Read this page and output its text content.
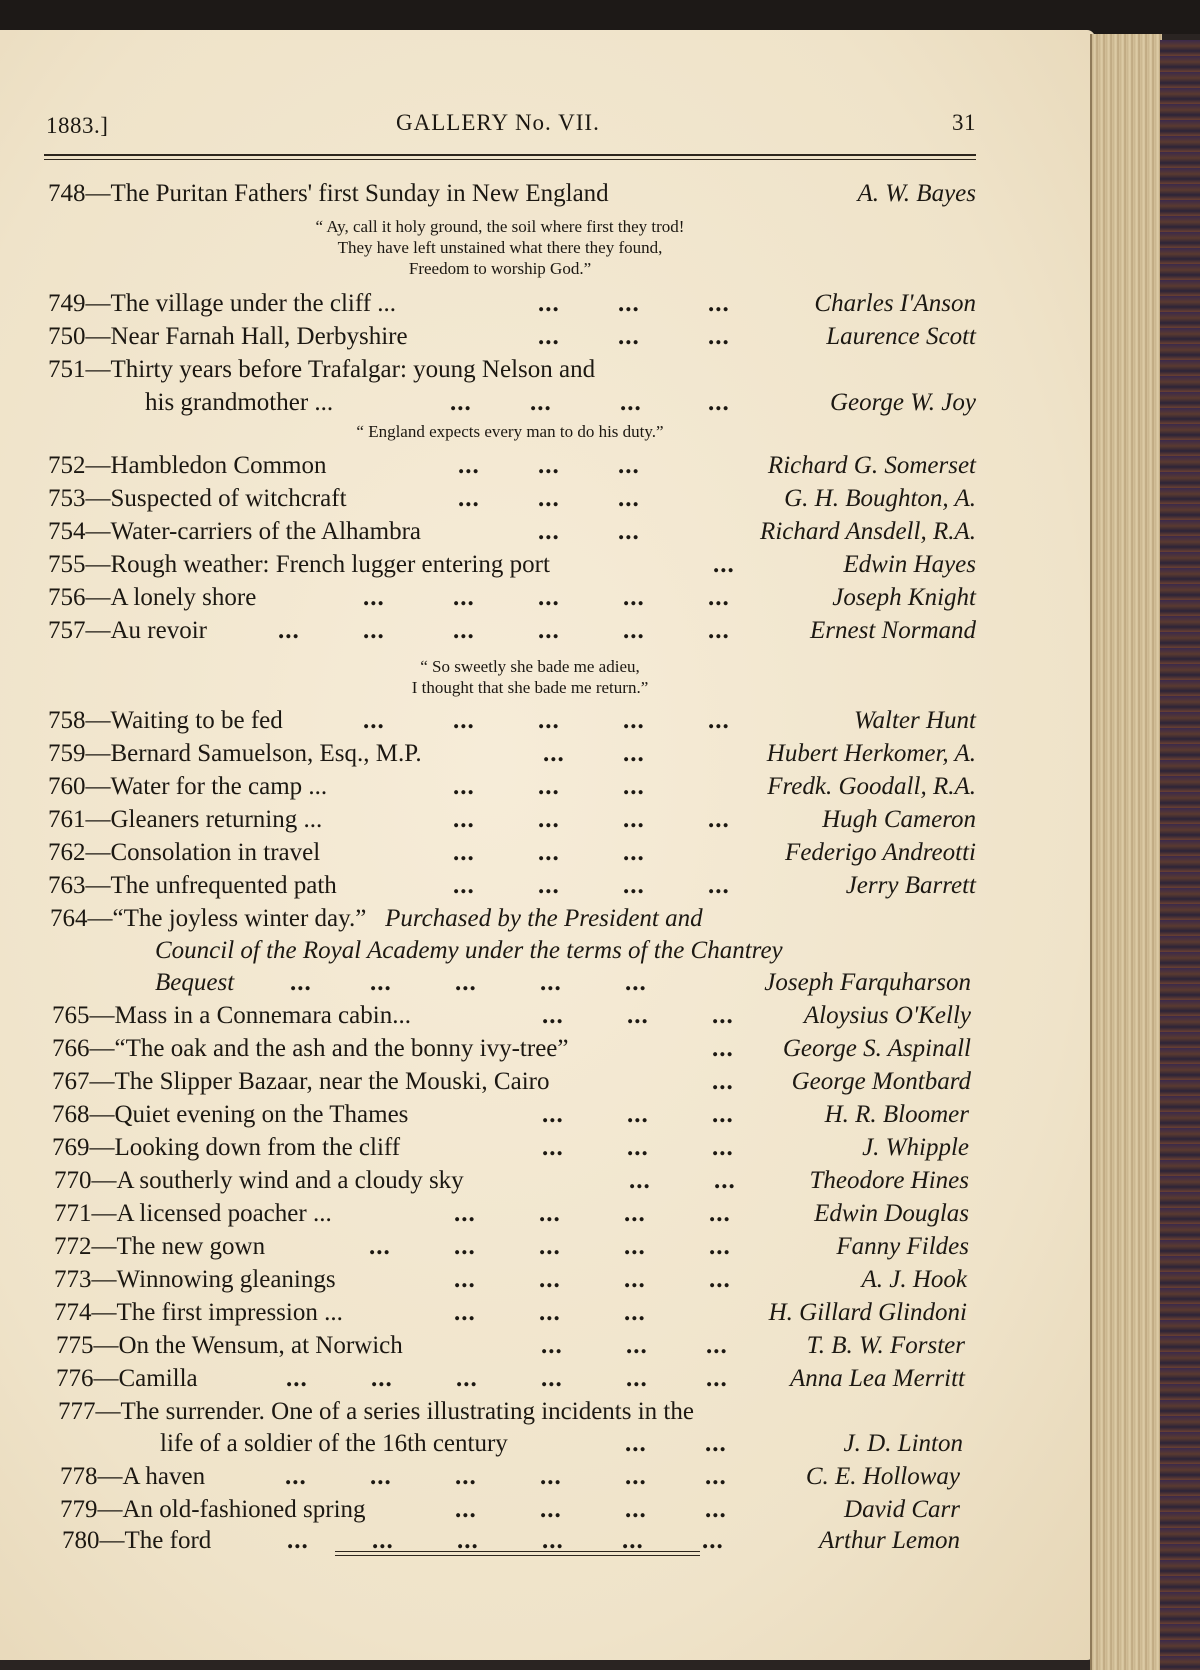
1883.]	GALLERY No. VII.	31
748—The Puritan Fathers' first Sunday in New England	A. W. Bayes
“ Ay, call it holy ground, the soil where first they trod!
They have left unstained what there they found,
Freedom to worship God.”
749—The village under the cliff ...	... ...	...	Charles I'Anson
750—Near Farnah Hall, Derbyshire	... ...	...	Laurence Scott
751—Thirty years before Trafalgar: young Nelson and
his grandmother ...	... ...	...	...	George W. Joy
“ England expects every man to do his duty.”
752—Hambledon Common	... ... ...	Richard G. Somerset
753—Suspected of witchcraft	... ... ...	G. H. Boughton, A.
754—Water-carriers of the Alhambra	... ...	Richard Ansdell, R.A.
755—Rough weather: French lugger entering port	...	Edwin Hayes
756—A lonely shore	...	...	...	...	...	Joseph Knight
757—Au revoir	...	...	...	...	...	...	Ernest Normand
“ So sweetly she bade me adieu,
I thought that she bade me return.”
758—Waiting to be fed	...	...	...	...	...	Walter Hunt
759—Bernard Samuelson, Esq., M.P.	... ...	Hubert Herkomer, A.
760—Water for the camp ...	...	...	...	Fredk. Goodall, R.A.
761—Gleaners returning ...	...	...	...	...	Hugh Cameron
762—Consolation in travel	...	...	...	Federigo Andreotti
763—The unfrequented path	...	...	...	...	Jerry Barrett
764—“The joyless winter day.” Purchased by the President and
Council of the Royal Academy under the terms of the Chantrey
Bequest ... ...	...	...	...	Joseph Farquharson
765—Mass in a Connemara cabin...	...	...	...	Aloysius O'Kelly
766—“The oak and the ash and the bonny ivy-tree”	... George S. Aspinall
767—The Slipper Bazaar, near the Mouski, Cairo	... George Montbard
768—Quiet evening on the Thames	...	...	...	H. R. Bloomer
769—Looking down from the cliff	...	...	...	J. Whipple
770—A southerly wind and a cloudy sky	...	...	Theodore Hines
771—A licensed poacher ...	...	...	...	...	Edwin Douglas
772—The new gown	...	...	...	...	...	Fanny Fildes
773—Winnowing gleanings	...	...	...	...	A. J. Hook
774—The first impression ...	...	...	...	H. Gillard Glindoni
775—On the Wensum, at Norwich	...	... ...	T. B. W. Forster
776—Camilla	...	...	...	...	... ... Anna Lea Merritt
777—The surrender. One of a series illustrating incidents in the
life of a soldier of the 16th century	... ...	J. D. Linton
778—A haven	...	...	...	...	... ...	C. E. Holloway
779—An old-fashioned spring	...	...	... ...	David Carr
780—The ford	...	...	...	... ... ...	Arthur Lemon
